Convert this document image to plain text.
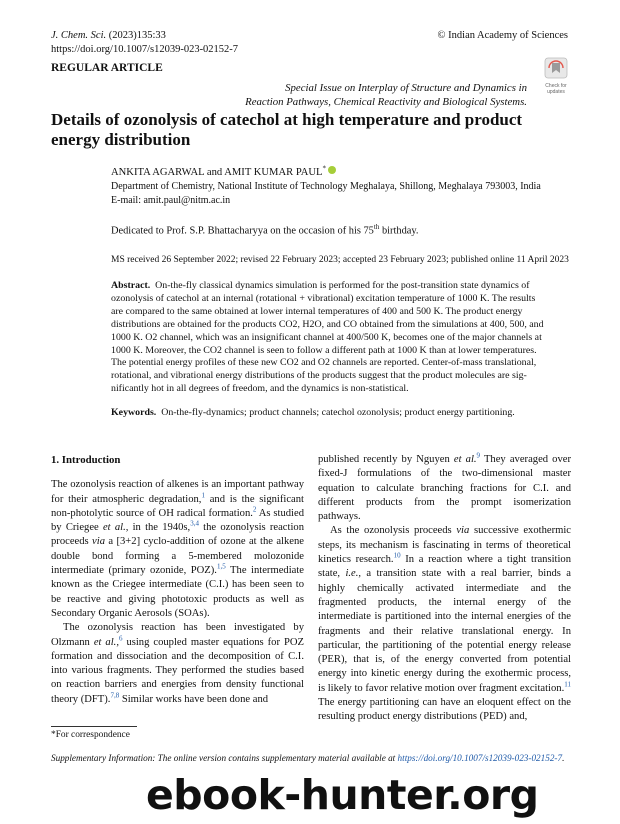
J. Chem. Sci. (2023)135:33
https://doi.org/10.1007/s12039-023-02152-7
© Indian Academy of Sciences
REGULAR ARTICLE
Check for
updates
Special Issue on Interplay of Structure and Dynamics in
Reaction Pathways, Chemical Reactivity and Biological Systems.
Details of ozonolysis of catechol at high temperature and product
energy distribution
ANKITA AGARWAL and AMIT KUMAR PAUL*
Department of Chemistry, National Institute of Technology Meghalaya, Shillong, Meghalaya 793003, India
E-mail: amit.paul@nitm.ac.in
Dedicated to Prof. S.P. Bhattacharyya on the occasion of his 75th birthday.
MS received 26 September 2022; revised 22 February 2023; accepted 23 February 2023; published online 11 April 2023
Abstract. On-the-fly classical dynamics simulation is performed for the post-transition state dynamics of
ozonolysis of catechol at an internal (rotational + vibrational) excitation temperature of 1000 K. The results
are compared to the same obtained at lower internal temperatures of 400 and 500 K. The product energy
distributions are obtained for the products CO2, H2O, and CO obtained from the simulations at 400, 500, and
1000 K. O2 channel, which was an insignificant channel at 400/500 K, becomes one of the major channels at
1000 K. Moreover, the CO2 channel is seen to follow a different path at 1000 K than at lower temperatures.
The potential energy profiles of these new CO2 and O2 channels are reported. Center-of-mass translational,
rotational, and vibrational energy distributions of the products suggest that the product molecules are sig-
nificantly hot in all degrees of freedom, and the dynamics is non-statistical.
Keywords. On-the-fly-dynamics; product channels; catechol ozonolysis; product energy partitioning.

1. Introduction

The ozonolysis reaction of alkenes is an important pathway for their atmospheric degradation,$^1$ and is the significant non-photolytic source of OH radical formation.$^2$ As studied by Criegee et al., in the 1940s,$^{3,4}$ the ozonolysis reaction proceeds via a [3+2] cyclo-addition of ozone at the alkene double bond forming a 5-membered molozonide intermediate (primary ozonide, POZ).$^{1,5}$ The intermediate known as the Criegee intermediate (C.I.) has been seen to be reactive and giving phototoxic products as well as Secondary Organic Aerosols (SOAs).

The ozonolysis reaction has been investigated by Olzmann et al.,$^6$ using coupled master equations for POZ formation and dissociation and the decomposition of C.I. into various fragments. They performed the studies based on reaction barriers and energies from density functional theory (DFT).$^{7,8}$ Similar works have been done and

published recently by Nguyen et al.$^9$ They averaged over fixed-J formulations of the two-dimensional master equation to calculate branching fractions for C.I. and different products from the prompt isomerization pathways.

As the ozonolysis proceeds via successive exothermic steps, its mechanism is fascinating in terms of theoretical kinetics research.$^{10}$ In a reaction where a tight transition state, i.e., a transition state with a real barrier, binds a highly chemically activated intermediate and the fragmented products, the internal energy of the intermediate is partitioned into the internal energies of the fragments and their relative translational energy. In particular, the partitioning of the potential energy release (PER), that is, of the energy converted from potential energy into kinetic energy during the exothermic process, is likely to favor relative motion over fragment excitation.$^{11}$ The energy partitioning can have an eloquent effect on the resulting product energy distributions (PED) and,

*For correspondence
Supplementary Information: The online version contains supplementary material available at https://doi.org/10.1007/s12039-023-02152-7.
ebook-hunter.org
